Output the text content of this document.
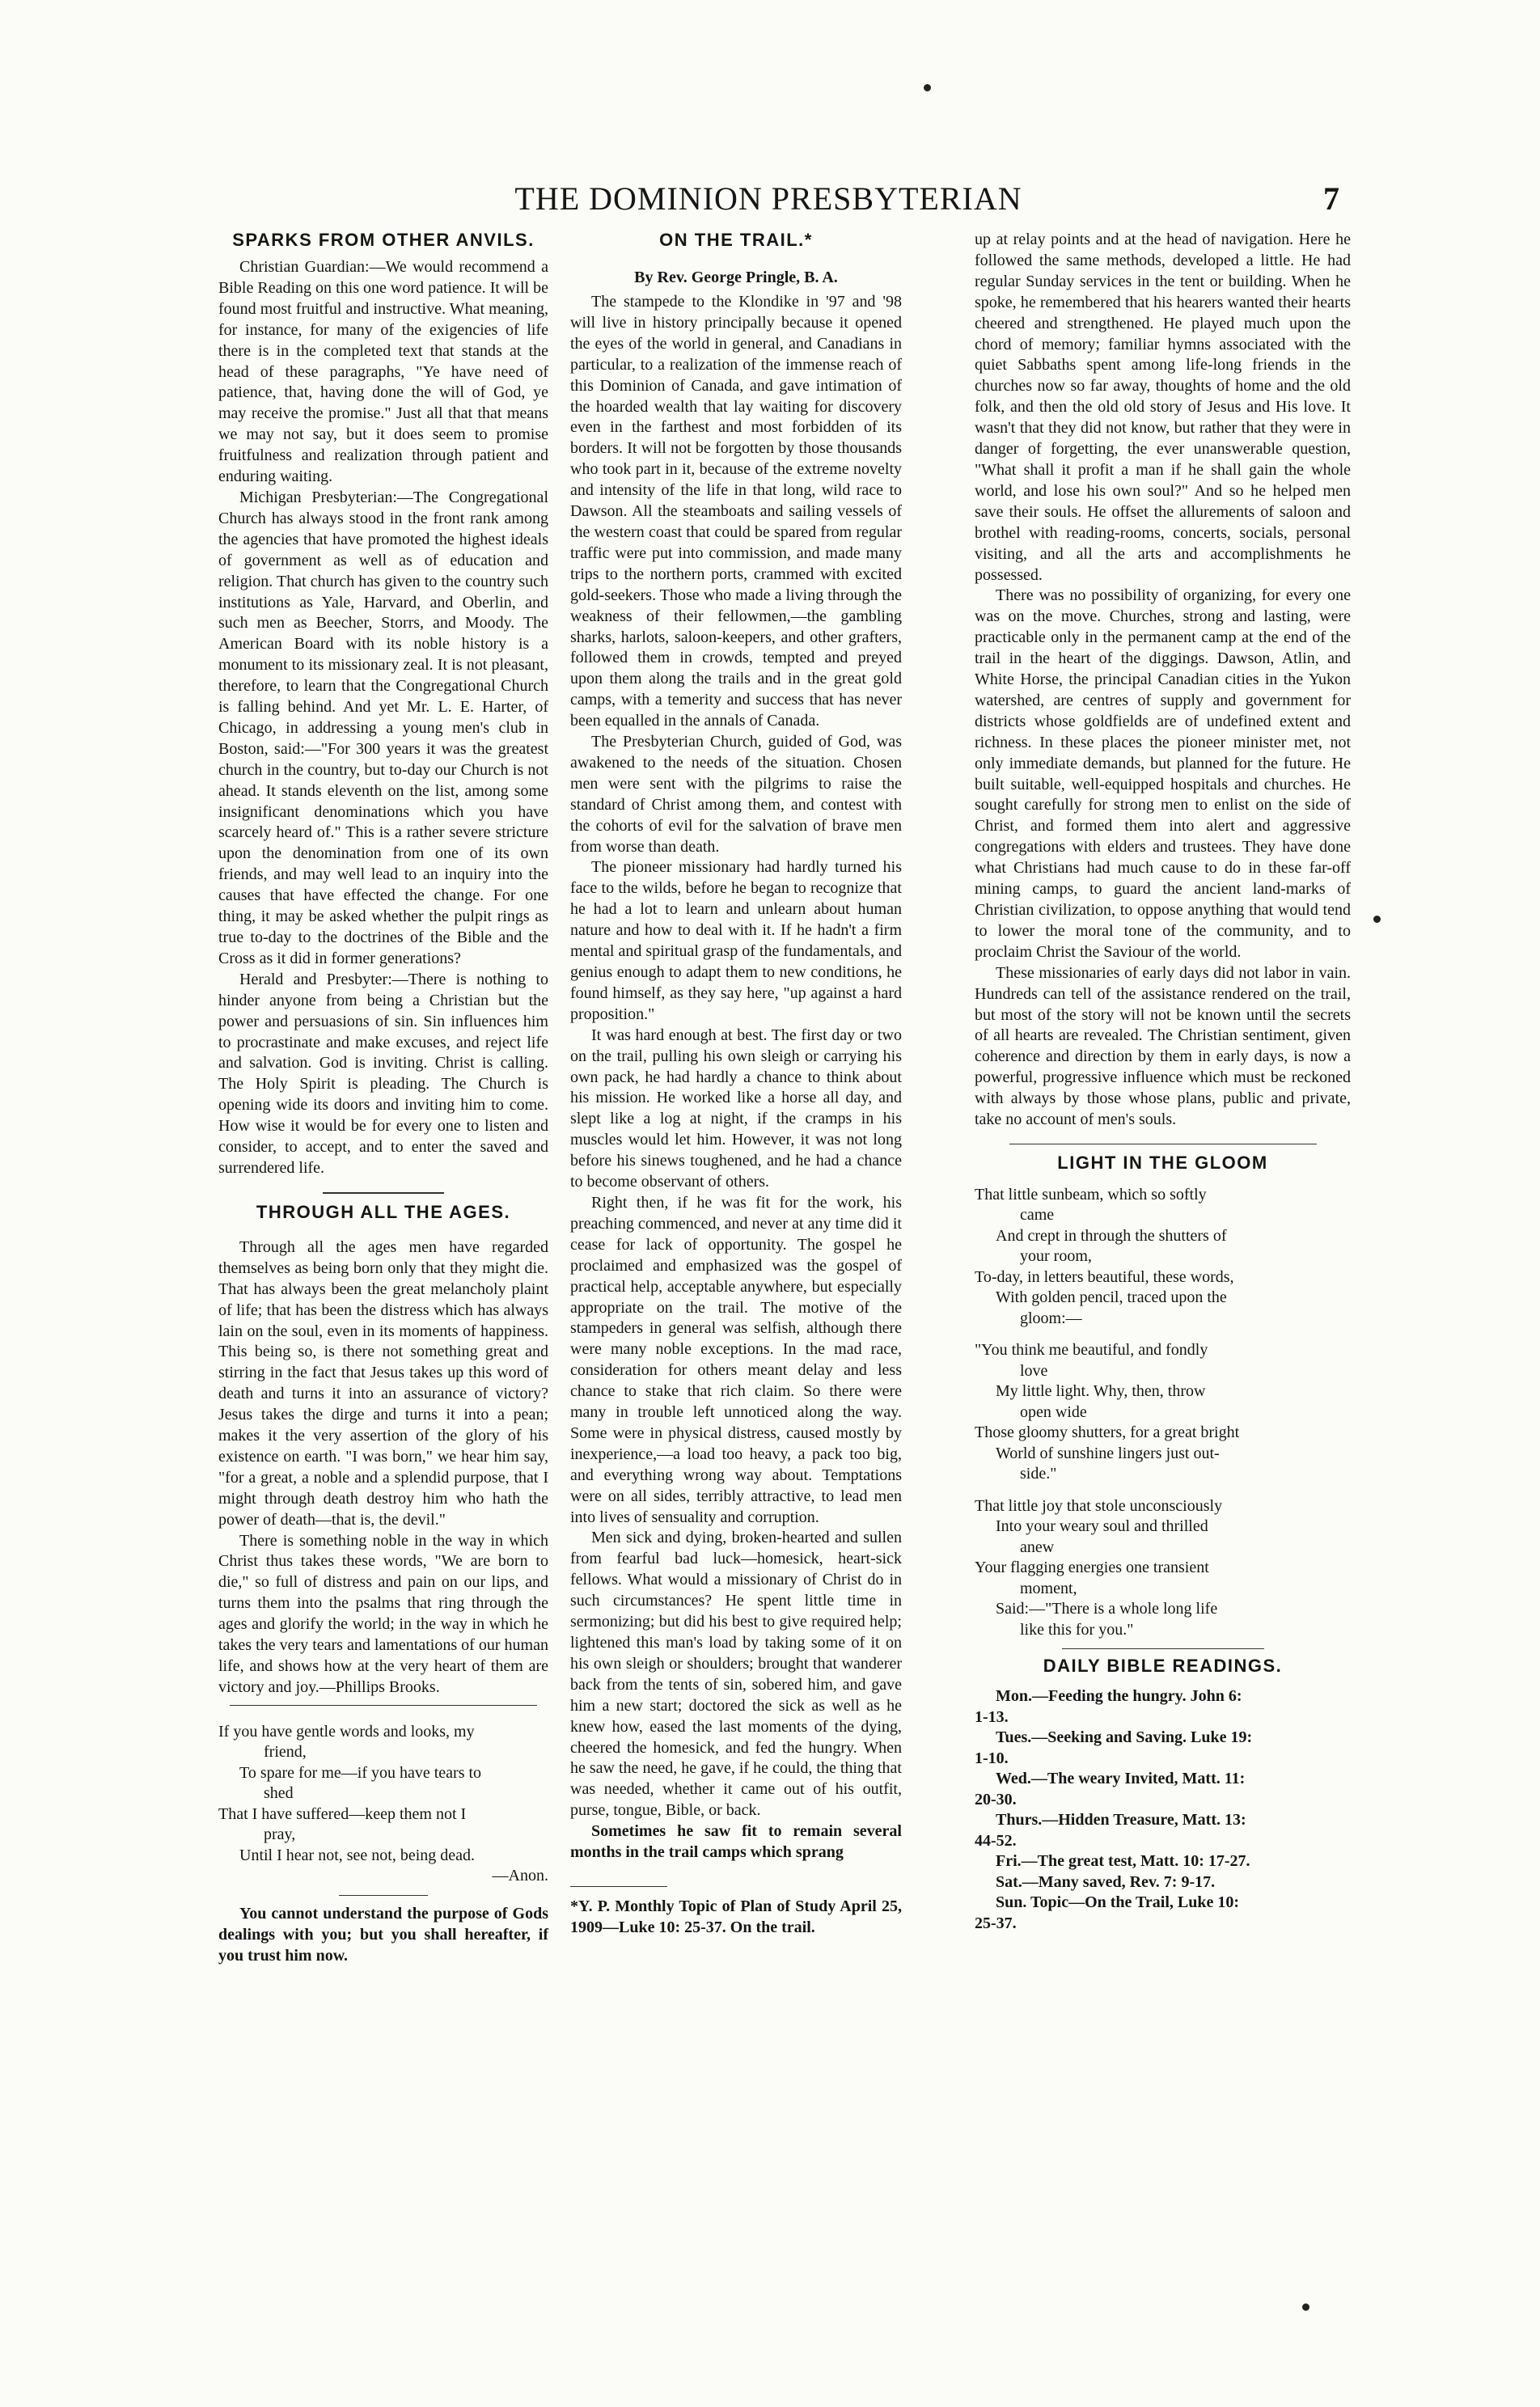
THE DOMINION PRESBYTERIAN	7
SPARKS FROM OTHER ANVILS.

Christian Guardian:—We would recommend a Bible Reading on this one word patience. It will be found most fruitful and instructive. What meaning, for instance, for many of the exigencies of life there is in the completed text that stands at the head of these paragraphs, "Ye have need of patience, that, having done the will of God, ye may receive the promise." Just all that that means we may not say, but it does seem to promise fruitfulness and realization through patient and enduring waiting.

Michigan Presbyterian:—The Congregational Church has always stood in the front rank among the agencies that have promoted the highest ideals of government as well as of education and religion. That church has given to the country such institutions as Yale, Harvard, and Oberlin, and such men as Beecher, Storrs, and Moody. The American Board with its noble history is a monument to its missionary zeal. It is not pleasant, therefore, to learn that the Congregational Church is falling behind. And yet Mr. L. E. Harter, of Chicago, in addressing a young men's club in Boston, said:—"For 300 years it was the greatest church in the country, but to-day our Church is not ahead. It stands eleventh on the list, among some insignificant denominations which you have scarcely heard of." This is a rather severe stricture upon the denomination from one of its own friends, and may well lead to an inquiry into the causes that have effected the change. For one thing, it may be asked whether the pulpit rings as true to-day to the doctrines of the Bible and the Cross as it did in former generations?

Herald and Presbyter:—There is nothing to hinder anyone from being a Christian but the power and persuasions of sin. Sin influences him to procrastinate and make excuses, and reject life and salvation. God is inviting. Christ is calling. The Holy Spirit is pleading. The Church is opening wide its doors and inviting him to come. How wise it would be for every one to listen and consider, to accept, and to enter the saved and surrendered life.

THROUGH ALL THE AGES.

Through all the ages men have regarded themselves as being born only that they might die. That has always been the great melancholy plaint of life; that has been the distress which has always lain on the soul, even in its moments of happiness. This being so, is there not something great and stirring in the fact that Jesus takes up this word of death and turns it into an assurance of victory? Jesus takes the dirge and turns it into a pean; makes it the very assertion of the glory of his existence on earth. "I was born," we hear him say, "for a great, a noble and a splendid purpose, that I might through death destroy him who hath the power of death—that is, the devil."

There is something noble in the way in which Christ thus takes these words, "We are born to die," so full of distress and pain on our lips, and turns them into the psalms that ring through the ages and glorify the world; in the way in which he takes the very tears and lamentations of our human life, and shows how at the very heart of them are victory and joy.—Phillips Brooks.

If you have gentle words and looks, my
friend,
To spare for me—if you have tears to
shed
That I have suffered—keep them not I
pray,
Until I hear not, see not, being dead.
—Anon.

You cannot understand the purpose of Gods dealings with you; but you shall hereafter, if you trust him now.

ON THE TRAIL.*

By Rev. George Pringle, B. A.

The stampede to the Klondike in '97 and '98 will live in history principally because it opened the eyes of the world in general, and Canadians in particular, to a realization of the immense reach of this Dominion of Canada, and gave intimation of the hoarded wealth that lay waiting for discovery even in the farthest and most forbidden of its borders. It will not be forgotten by those thousands who took part in it, because of the extreme novelty and intensity of the life in that long, wild race to Dawson. All the steamboats and sailing vessels of the western coast that could be spared from regular traffic were put into commission, and made many trips to the northern ports, crammed with excited gold-seekers. Those who made a living through the weakness of their fellowmen,—the gambling sharks, harlots, saloon-keepers, and other grafters, followed them in crowds, tempted and preyed upon them along the trails and in the great gold camps, with a temerity and success that has never been equalled in the annals of Canada.

The Presbyterian Church, guided of God, was awakened to the needs of the situation. Chosen men were sent with the pilgrims to raise the standard of Christ among them, and contest with the cohorts of evil for the salvation of brave men from worse than death.

The pioneer missionary had hardly turned his face to the wilds, before he began to recognize that he had a lot to learn and unlearn about human nature and how to deal with it. If he hadn't a firm mental and spiritual grasp of the fundamentals, and genius enough to adapt them to new conditions, he found himself, as they say here, "up against a hard proposition."

It was hard enough at best. The first day or two on the trail, pulling his own sleigh or carrying his own pack, he had hardly a chance to think about his mission. He worked like a horse all day, and slept like a log at night, if the cramps in his muscles would let him. However, it was not long before his sinews toughened, and he had a chance to become observant of others.

Right then, if he was fit for the work, his preaching commenced, and never at any time did it cease for lack of opportunity. The gospel he proclaimed and emphasized was the gospel of practical help, acceptable anywhere, but especially appropriate on the trail. The motive of the stampeders in general was selfish, although there were many noble exceptions. In the mad race, consideration for others meant delay and less chance to stake that rich claim. So there were many in trouble left unnoticed along the way. Some were in physical distress, caused mostly by inexperience,—a load too heavy, a pack too big, and everything wrong way about. Temptations were on all sides, terribly attractive, to lead men into lives of sensuality and corruption.

Men sick and dying, broken-hearted and sullen from fearful bad luck—homesick, heart-sick fellows. What would a missionary of Christ do in such circumstances? He spent little time in sermonizing; but did his best to give required help; lightened this man's load by taking some of it on his own sleigh or shoulders; brought that wanderer back from the tents of sin, sobered him, and gave him a new start; doctored the sick as well as he knew how, eased the last moments of the dying, cheered the homesick, and fed the hungry. When he saw the need, he gave, if he could, the thing that was needed, whether it came out of his outfit, purse, tongue, Bible, or back.

Sometimes he saw fit to remain several months in the trail camps which sprang

*Y. P. Monthly Topic of Plan of Study April 25, 1909—Luke 10: 25-37. On the trail.

up at relay points and at the head of navigation. Here he followed the same methods, developed a little. He had regular Sunday services in the tent or building. When he spoke, he remembered that his hearers wanted their hearts cheered and strengthened. He played much upon the chord of memory; familiar hymns associated with the quiet Sabbaths spent among life-long friends in the churches now so far away, thoughts of home and the old folk, and then the old old story of Jesus and His love. It wasn't that they did not know, but rather that they were in danger of forgetting, the ever unanswerable question, "What shall it profit a man if he shall gain the whole world, and lose his own soul?" And so he helped men save their souls. He offset the allurements of saloon and brothel with reading-rooms, concerts, socials, personal visiting, and all the arts and accomplishments he possessed.

There was no possibility of organizing, for every one was on the move. Churches, strong and lasting, were practicable only in the permanent camp at the end of the trail in the heart of the diggings. Dawson, Atlin, and White Horse, the principal Canadian cities in the Yukon watershed, are centres of supply and government for districts whose goldfields are of undefined extent and richness. In these places the pioneer minister met, not only immediate demands, but planned for the future. He built suitable, well-equipped hospitals and churches. He sought carefully for strong men to enlist on the side of Christ, and formed them into alert and aggressive congregations with elders and trustees. They have done what Christians had much cause to do in these far-off mining camps, to guard the ancient land-marks of Christian civilization, to oppose anything that would tend to lower the moral tone of the community, and to proclaim Christ the Saviour of the world.

These missionaries of early days did not labor in vain. Hundreds can tell of the assistance rendered on the trail, but most of the story will not be known until the secrets of all hearts are revealed. The Christian sentiment, given coherence and direction by them in early days, is now a powerful, progressive influence which must be reckoned with always by those whose plans, public and private, take no account of men's souls.

LIGHT IN THE GLOOM
That little sunbeam, which so softly
came
And crept in through the shutters of
your room,
To-day, in letters beautiful, these words,
With golden pencil, traced upon the
gloom:—
"You think me beautiful, and fondly
love
My little light. Why, then, throw
open wide
Those gloomy shutters, for a great bright
World of sunshine lingers just out-
side."
That little joy that stole unconsciously
Into your weary soul and thrilled
anew
Your flagging energies one transient
moment,
Said:—"There is a whole long life
like this for you."
DAILY BIBLE READINGS.
Mon.—Feeding the hungry. John 6:
1-13.
Tues.—Seeking and Saving. Luke 19:
1-10.
Wed.—The weary Invited, Matt. 11:
20-30.
Thurs.—Hidden Treasure, Matt. 13:
44-52.
Fri.—The great test, Matt. 10: 17-27.
Sat.—Many saved, Rev. 7: 9-17.
Sun. Topic—On the Trail, Luke 10:
25-37.
